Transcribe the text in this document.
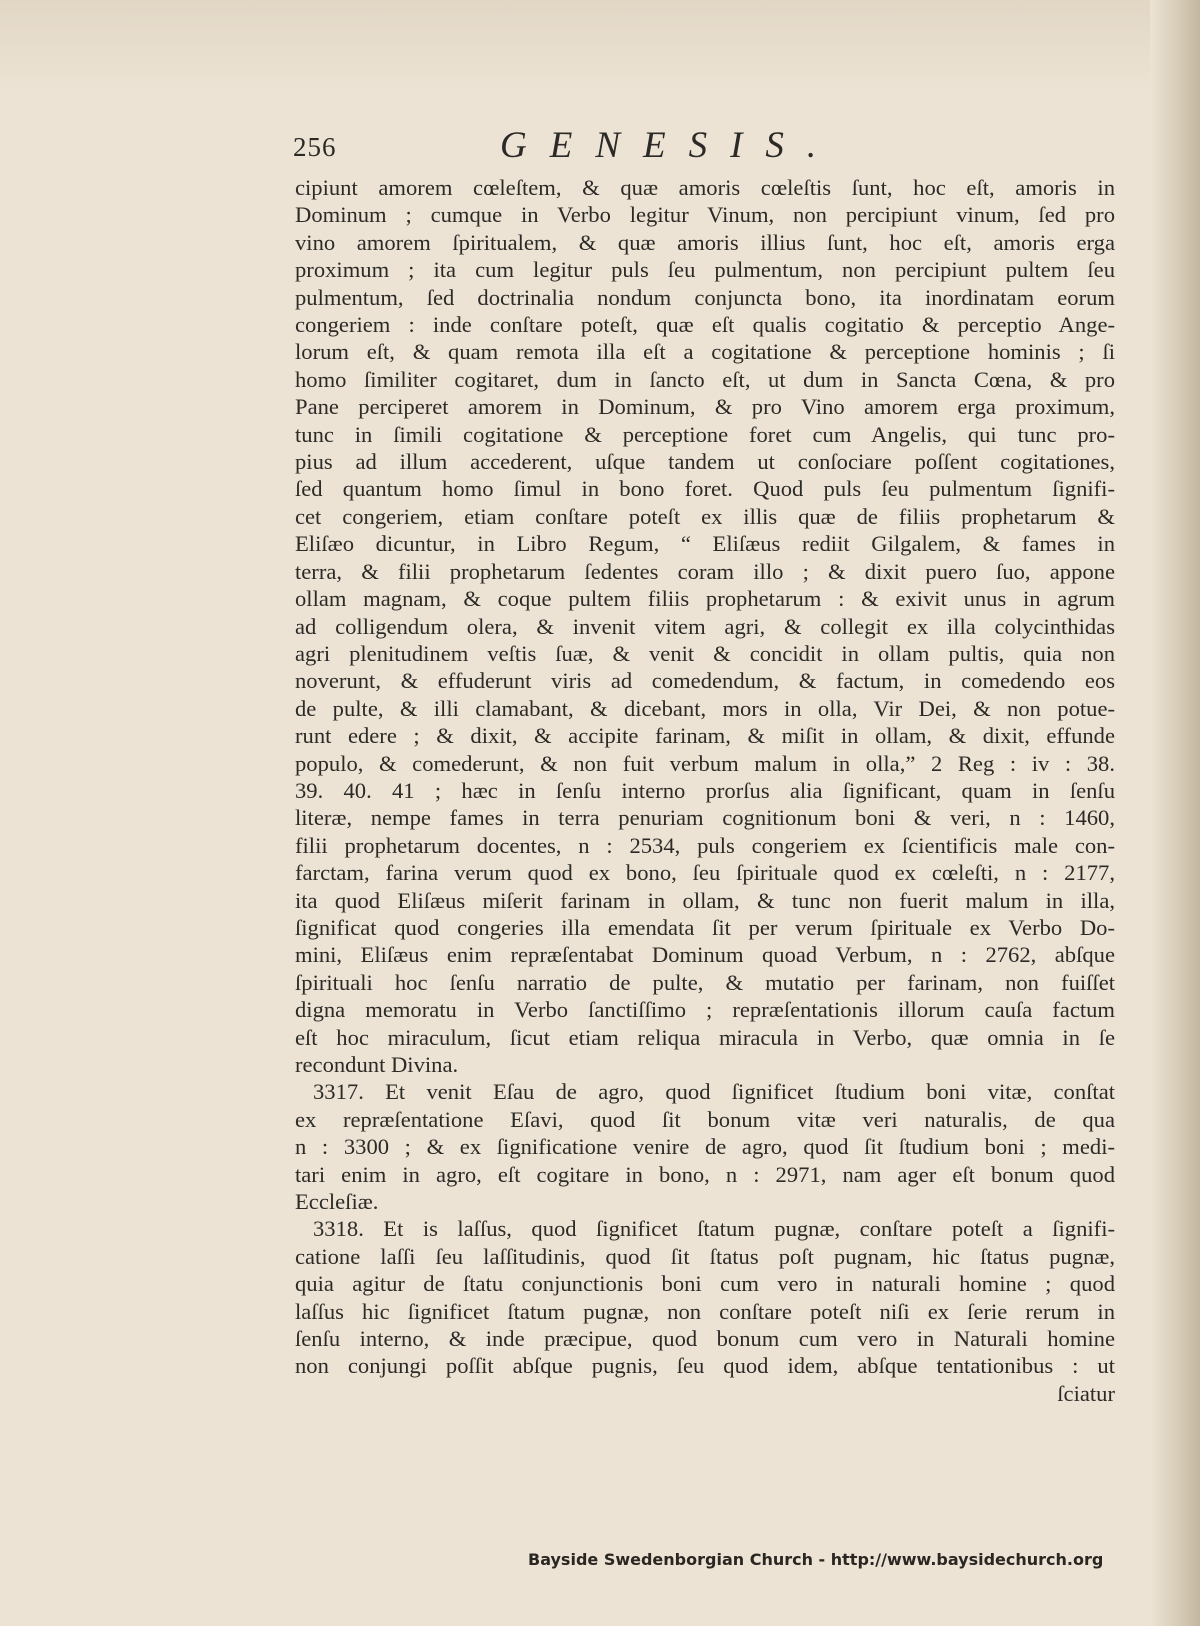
256	GENESIS.
cipiunt amorem cœleſtem, & quæ amoris cœleſtis ſunt, hoc eſt, amoris in
Dominum ; cumque in Verbo legitur Vinum, non percipiunt vinum, ſed pro
vino amorem ſpiritualem, & quæ amoris illius ſunt, hoc eſt, amoris erga
proximum ; ita cum legitur puls ſeu pulmentum, non percipiunt pultem ſeu
pulmentum, ſed doctrinalia nondum conjuncta bono, ita inordinatam eorum
congeriem : inde conſtare poteſt, quæ eſt qualis cogitatio & perceptio Ange-
lorum eſt, & quam remota illa eſt a cogitatione & perceptione hominis ; ſi
homo ſimiliter cogitaret, dum in ſancto eſt, ut dum in Sancta Cœna, & pro
Pane perciperet amorem in Dominum, & pro Vino amorem erga proximum,
tunc in ſimili cogitatione & perceptione foret cum Angelis, qui tunc pro-
pius ad illum accederent, uſque tandem ut conſociare poſſent cogitationes,
ſed quantum homo ſimul in bono foret. Quod puls ſeu pulmentum ſignifi-
cet congeriem, etiam conſtare poteſt ex illis quæ de filiis prophetarum &
Eliſæo dicuntur, in Libro Regum, “ Eliſæus rediit Gilgalem, & fames in
terra, & filii prophetarum ſedentes coram illo ; & dixit puero ſuo, appone
ollam magnam, & coque pultem filiis prophetarum : & exivit unus in agrum
ad colligendum olera, & invenit vitem agri, & collegit ex illa colycinthidas
agri plenitudinem veſtis ſuæ, & venit & concidit in ollam pultis, quia non
noverunt, & effuderunt viris ad comedendum, & factum, in comedendo eos
de pulte, & illi clamabant, & dicebant, mors in olla, Vir Dei, & non potue-
runt edere ; & dixit, & accipite farinam, & miſit in ollam, & dixit, effunde
populo, & comederunt, & non fuit verbum malum in olla,” 2 Reg : iv : 38.
39. 40. 41 ; hæc in ſenſu interno prorſus alia ſignificant, quam in ſenſu
literæ, nempe fames in terra penuriam cognitionum boni & veri, n : 1460,
filii prophetarum docentes, n : 2534, puls congeriem ex ſcientificis male con-
farctam, farina verum quod ex bono, ſeu ſpirituale quod ex cœleſti, n : 2177,
ita quod Eliſæus miſerit farinam in ollam, & tunc non fuerit malum in illa,
ſignificat quod congeries illa emendata ſit per verum ſpirituale ex Verbo Do-
mini, Eliſæus enim repræſentabat Dominum quoad Verbum, n : 2762, abſque
ſpirituali hoc ſenſu narratio de pulte, & mutatio per farinam, non fuiſſet
digna memoratu in Verbo ſanctiſſimo ; repræſentationis illorum cauſa factum
eſt hoc miraculum, ſicut etiam reliqua miracula in Verbo, quæ omnia in ſe
recondunt Divina.
3317. Et venit Eſau de agro, quod ſignificet ſtudium boni vitæ, conſtat
ex repræſentatione Eſavi, quod ſit bonum vitæ veri naturalis, de qua
n : 3300 ; & ex ſignificatione venire de agro, quod ſit ſtudium boni ; medi-
tari enim in agro, eſt cogitare in bono, n : 2971, nam ager eſt bonum quod
Eccleſiæ.
3318. Et is laſſus, quod ſignificet ſtatum pugnæ, conſtare poteſt a ſignifi-
catione laſſi ſeu laſſitudinis, quod ſit ſtatus poſt pugnam, hic ſtatus pugnæ,
quia agitur de ſtatu conjunctionis boni cum vero in naturali homine ; quod
laſſus hic ſignificet ſtatum pugnæ, non conſtare poteſt niſi ex ſerie rerum in
ſenſu interno, & inde præcipue, quod bonum cum vero in Naturali homine
non conjungi poſſit abſque pugnis, ſeu quod idem, abſque tentationibus : ut
ſciatur
Bayside Swedenborgian Church - http://www.baysidechurch.org
